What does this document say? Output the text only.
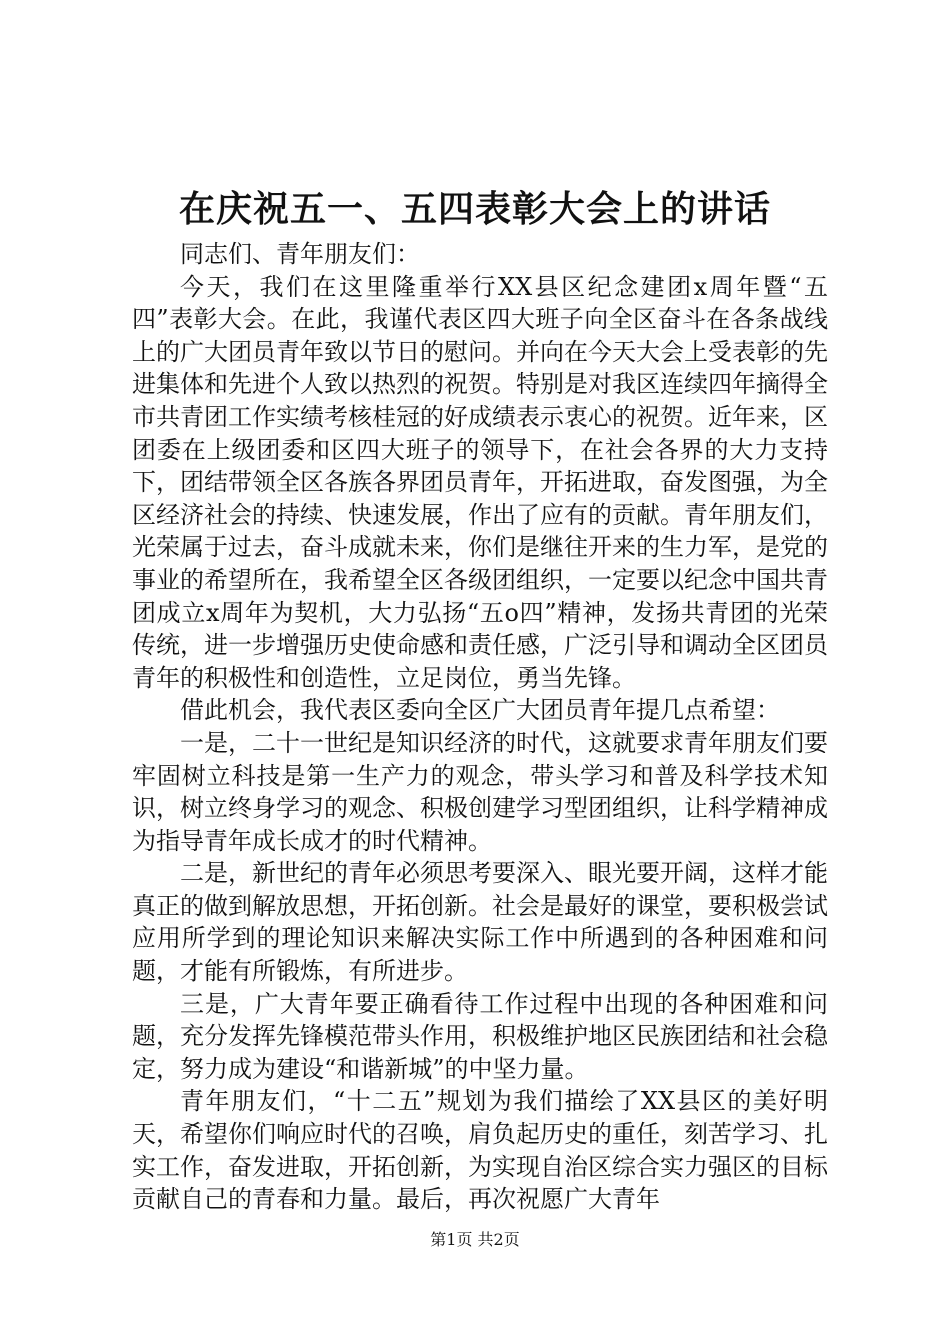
在庆祝五一、五四表彰大会上的讲话

同志们、青年朋友们：

今天，我们在这里隆重举行XX县区纪念建团x周年暨“五四”表彰大会。在此，我谨代表区四大班子向全区奋斗在各条战线上的广大团员青年致以节日的慰问。并向在今天大会上受表彰的先进集体和先进个人致以热烈的祝贺。特别是对我区连续四年摘得全市共青团工作实绩考核桂冠的好成绩表示衷心的祝贺。近年来，区团委在上级团委和区四大班子的领导下，在社会各界的大力支持下，团结带领全区各族各界团员青年，开拓进取，奋发图强，为全区经济社会的持续、快速发展，作出了应有的贡献。青年朋友们，光荣属于过去，奋斗成就未来，你们是继往开来的生力军，是党的事业的希望所在，我希望全区各级团组织，一定要以纪念中国共青团成立x周年为契机，大力弘扬“五o四”精神，发扬共青团的光荣传统，进一步增强历史使命感和责任感，广泛引导和调动全区团员青年的积极性和创造性，立足岗位，勇当先锋。

借此机会，我代表区委向全区广大团员青年提几点希望：

一是，二十一世纪是知识经济的时代，这就要求青年朋友们要牢固树立科技是第一生产力的观念，带头学习和普及科学技术知识，树立终身学习的观念、积极创建学习型团组织，让科学精神成为指导青年成长成才的时代精神。

二是，新世纪的青年必须思考要深入、眼光要开阔，这样才能真正的做到解放思想，开拓创新。社会是最好的课堂，要积极尝试应用所学到的理论知识来解决实际工作中所遇到的各种困难和问题，才能有所锻炼，有所进步。

三是，广大青年要正确看待工作过程中出现的各种困难和问题，充分发挥先锋模范带头作用，积极维护地区民族团结和社会稳定，努力成为建设“和谐新城”的中坚力量。

青年朋友们，“十二五”规划为我们描绘了XX县区的美好明天，希望你们响应时代的召唤，肩负起历史的重任，刻苦学习、扎实工作，奋发进取，开拓创新，为实现自治区综合实力强区的目标贡献自己的青春和力量。最后，再次祝愿广大青年

第1页 共2页
